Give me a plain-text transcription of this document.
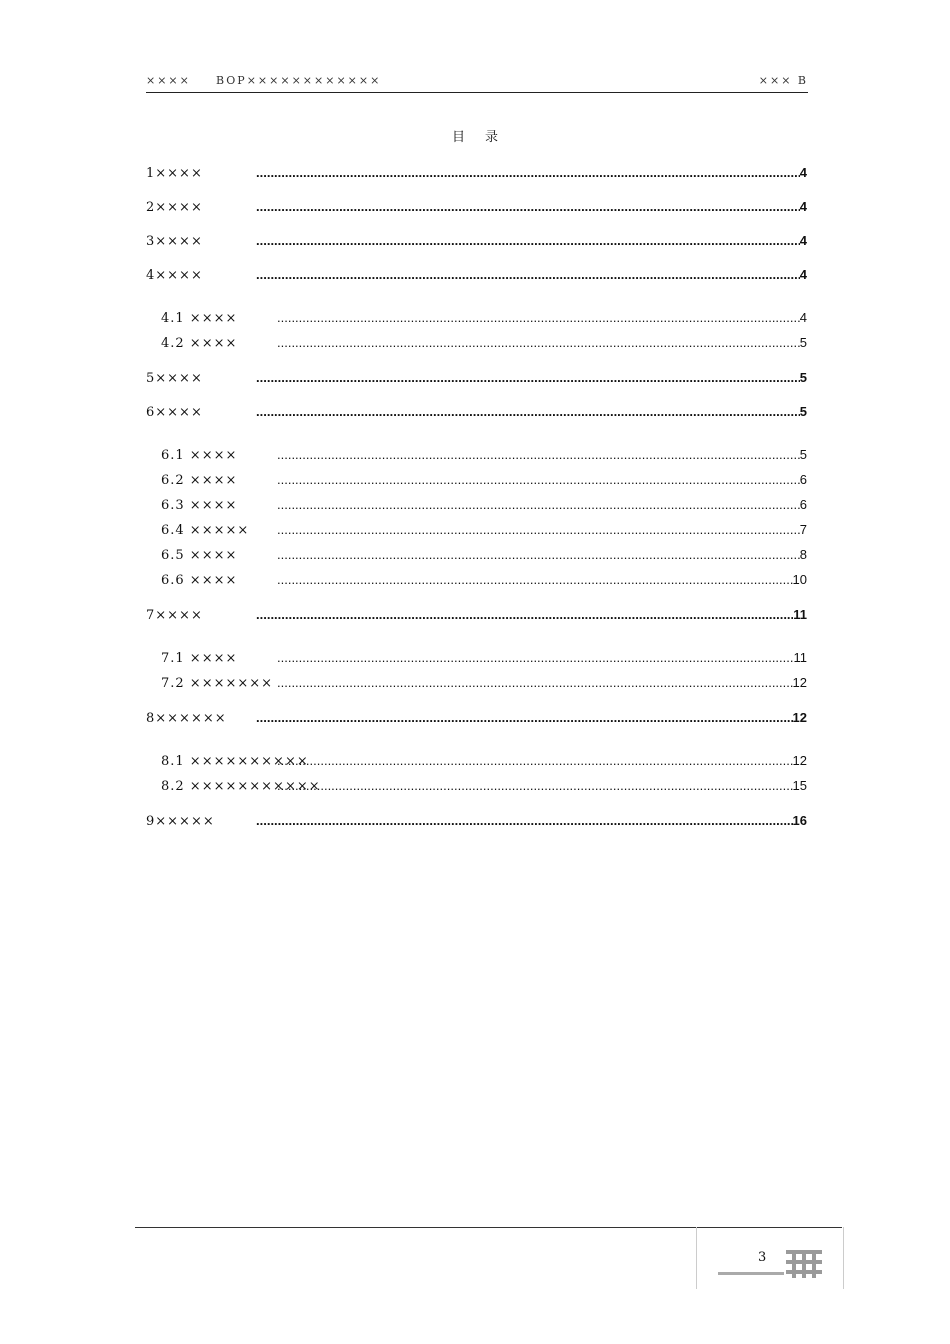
×××× BOP××××××××××××	××× B
目录
1×××× .....	4
2×××× .....	4
3×××× .....	4
4×××× .....	4
4.1 ×××× .....	4
4.2 ×××× .....	5
5×××× .....	5
6×××× .....	5
6.1 ×××× .....	5
6.2 ×××× .....	6
6.3 ×××× .....	6
6.4 ××××× .....	7
6.5 ×××× .....	8
6.6 ×××× .....	10
7×××× .....	11
7.1 ×××× .....	11
7.2 ××××××× .....	12
8×××××× .....	12
8.1 ×××××××××× .....	12
8.2 ××××××××××× .....	15
9××××× .....	16
3
